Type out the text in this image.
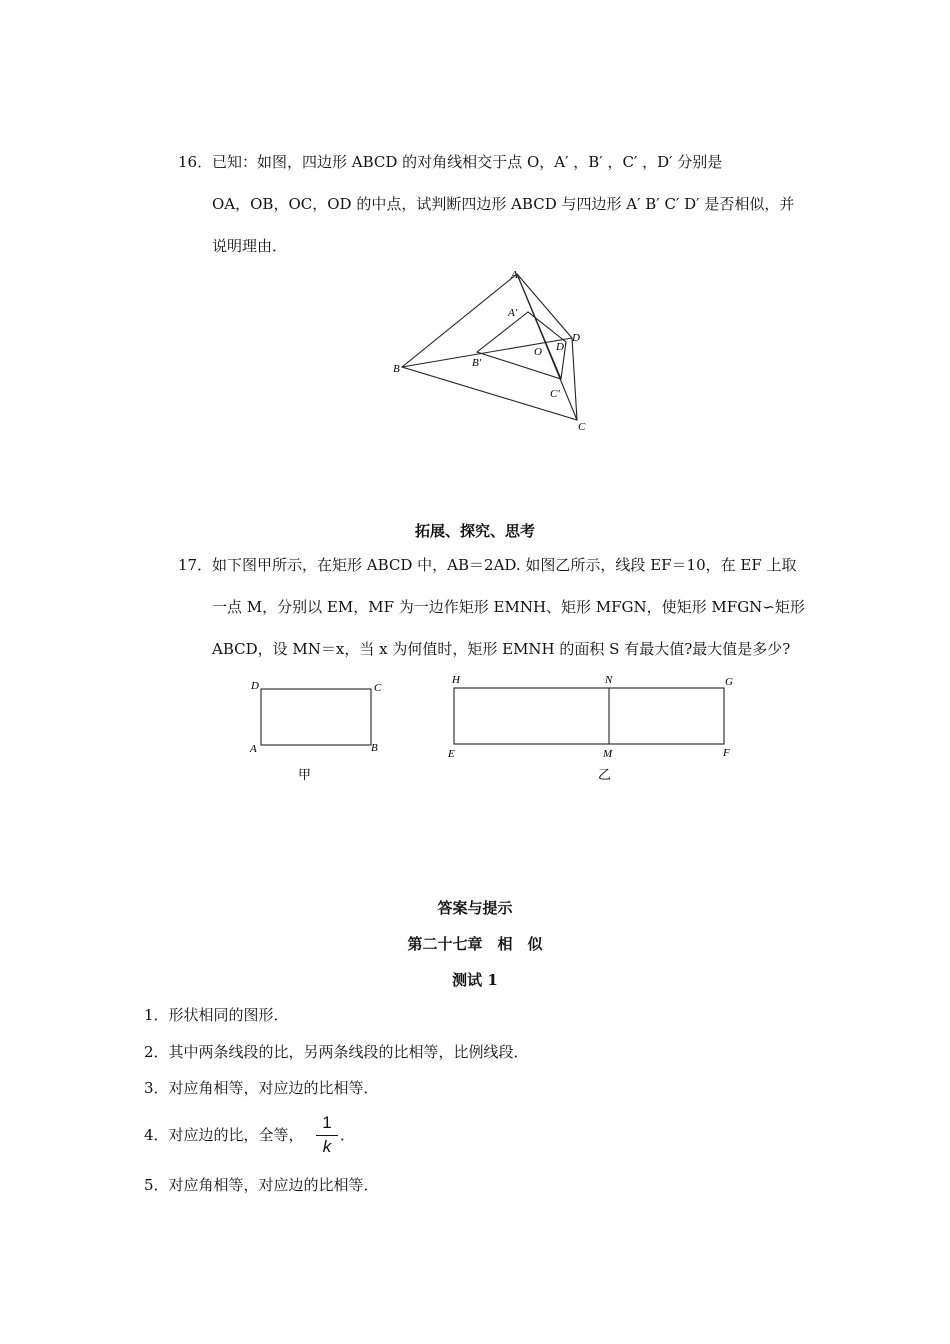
16． 已知：如图，四边形 ABCD 的对角线相交于点 O，A′ ，B′ ，C′ ，D′ 分别是
OA，OB，OC，OD 的中点，试判断四边形 ABCD 与四边形 A′ B′ C′ D′ 是否相似，并
说明理由．
A
A′
B	B′
C
C′
D
D′
O
拓展、探究、思考
17． 如下图甲所示，在矩形 ABCD 中，AB＝2AD. 如图乙所示，线段 EF＝10，在 EF 上取
一点 M，分别以 EM，MF 为一边作矩形 EMNH、矩形 MFGN，使矩形 MFGN∽矩形
ABCD，设 MN＝x，当 x 为何值时，矩形 EMNH 的面积 S 有最大值?最大值是多少?
D	C
A	B
甲
H	N	G
E	M	F
乙
答案与提示
第二十七章　相　似
测试 1
1．形状相同的图形．
2．其中两条线段的比，另两条线段的比相等，比例线段．
3．对应角相等，对应边的比相等．
4．对应边的比，全等，
1
k
．
5．对应角相等，对应边的比相等．
